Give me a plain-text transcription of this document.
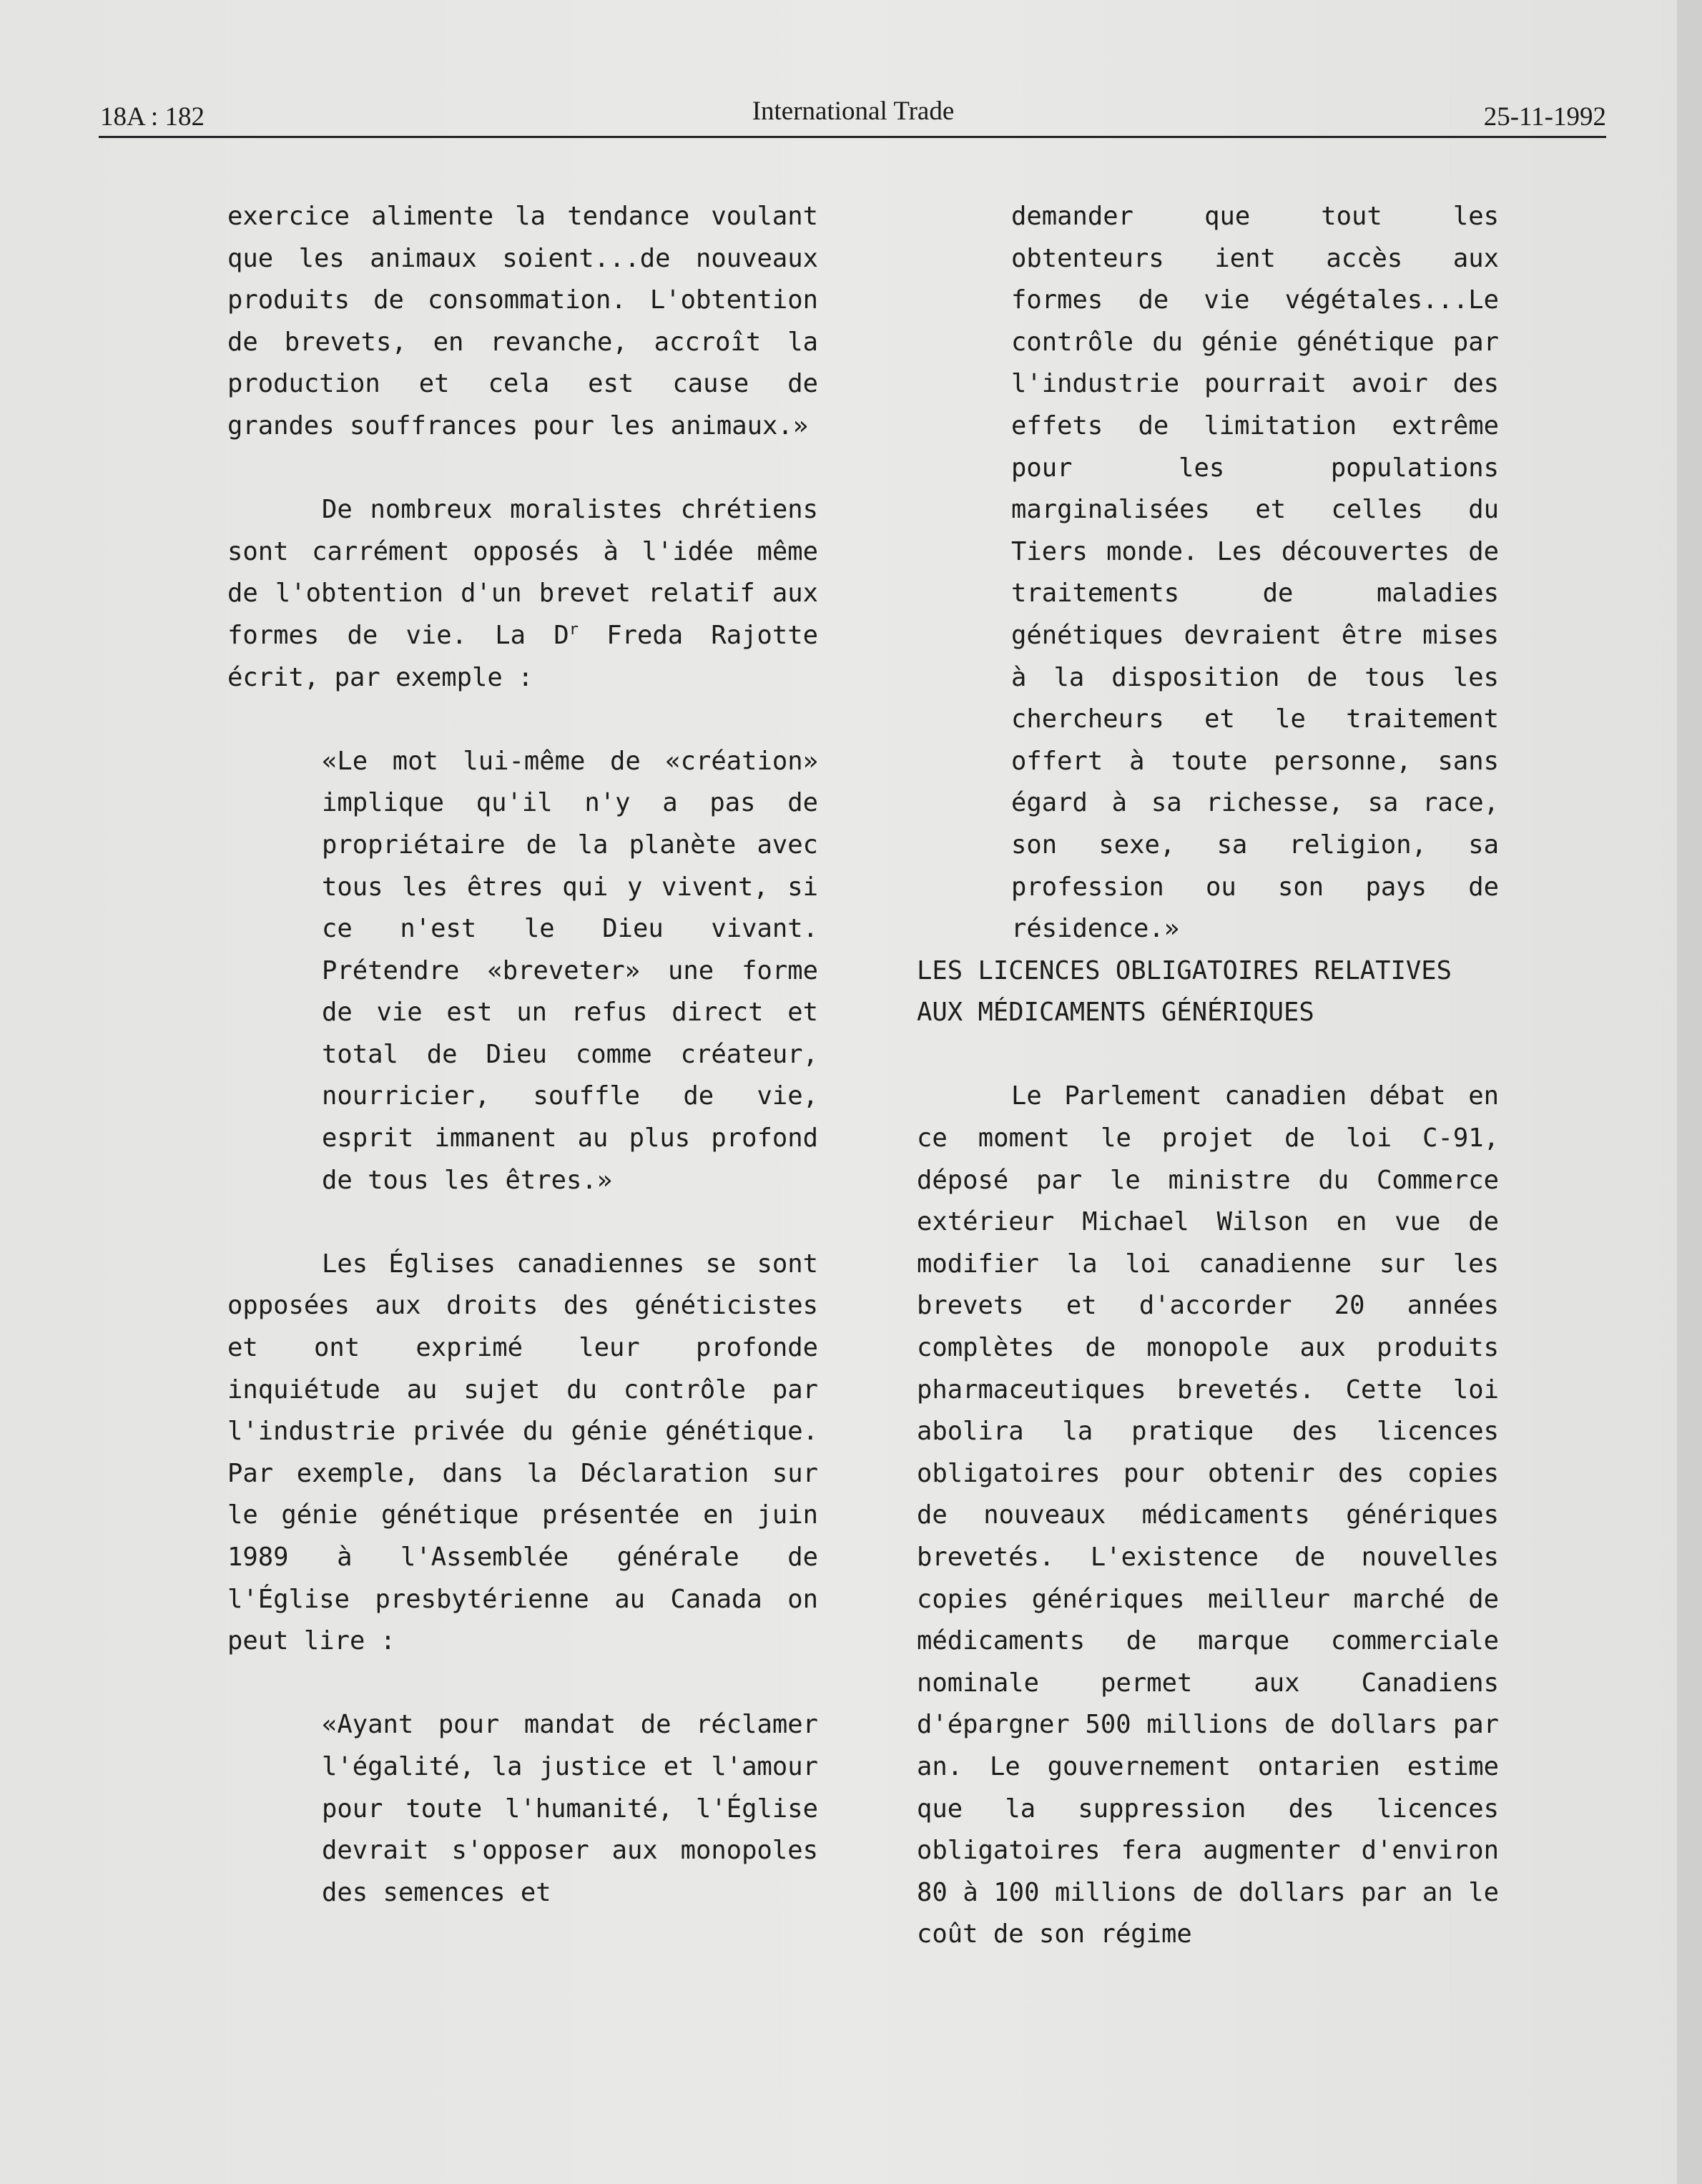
18A : 182	International Trade	25-11-1992

exercice alimente la tendance voulant que les animaux soient...de nouveaux produits de consommation. L'obtention de brevets, en revanche, accroît la production et cela est cause de grandes souffrances pour les animaux.»

De nombreux moralistes chrétiens sont carrément opposés à l'idée même de l'obtention d'un brevet relatif aux formes de vie. La $D^r$ Freda Rajotte écrit, par exemple :

«Le mot lui-même de «création» implique qu'il n'y a pas de propriétaire de la planète avec tous les êtres qui y vivent, si ce n'est le Dieu vivant. Prétendre «breveter» une forme de vie est un refus direct et total de Dieu comme créateur, nourricier, souffle de vie, esprit immanent au plus profond de tous les êtres.»

Les Églises canadiennes se sont opposées aux droits des généticistes et ont exprimé leur profonde inquiétude au sujet du contrôle par l'industrie privée du génie génétique. Par exemple, dans la Déclaration sur le génie génétique présentée en juin 1989 à l'Assemblée générale de l'Église presbytérienne au Canada on peut lire :

«Ayant pour mandat de réclamer l'égalité, la justice et l'amour pour toute l'humanité, l'Église devrait s'opposer aux monopoles des semences et

demander que tout les obtenteurs ient accès aux formes de vie végétales...Le contrôle du génie génétique par l'industrie pourrait avoir des effets de limitation extrême pour les populations marginalisées et celles du Tiers monde. Les découvertes de traitements de maladies génétiques devraient être mises à la disposition de tous les chercheurs et le traitement offert à toute personne, sans égard à sa richesse, sa race, son sexe, sa religion, sa profession ou son pays de résidence.»

LES LICENCES OBLIGATOIRES RELATIVES AUX MÉDICAMENTS GÉNÉRIQUES

Le Parlement canadien débat en ce moment le projet de loi C-91, déposé par le ministre du Commerce extérieur Michael Wilson en vue de modifier la loi canadienne sur les brevets et d'accorder 20 années complètes de monopole aux produits pharmaceutiques brevetés. Cette loi abolira la pratique des licences obligatoires pour obtenir des copies de nouveaux médicaments génériques brevetés. L'existence de nouvelles copies génériques meilleur marché de médicaments de marque commerciale nominale permet aux Canadiens d'épargner 500 millions de dollars par an. Le gouvernement ontarien estime que la suppression des licences obligatoires fera augmenter d'environ 80 à 100 millions de dollars par an le coût de son régime
